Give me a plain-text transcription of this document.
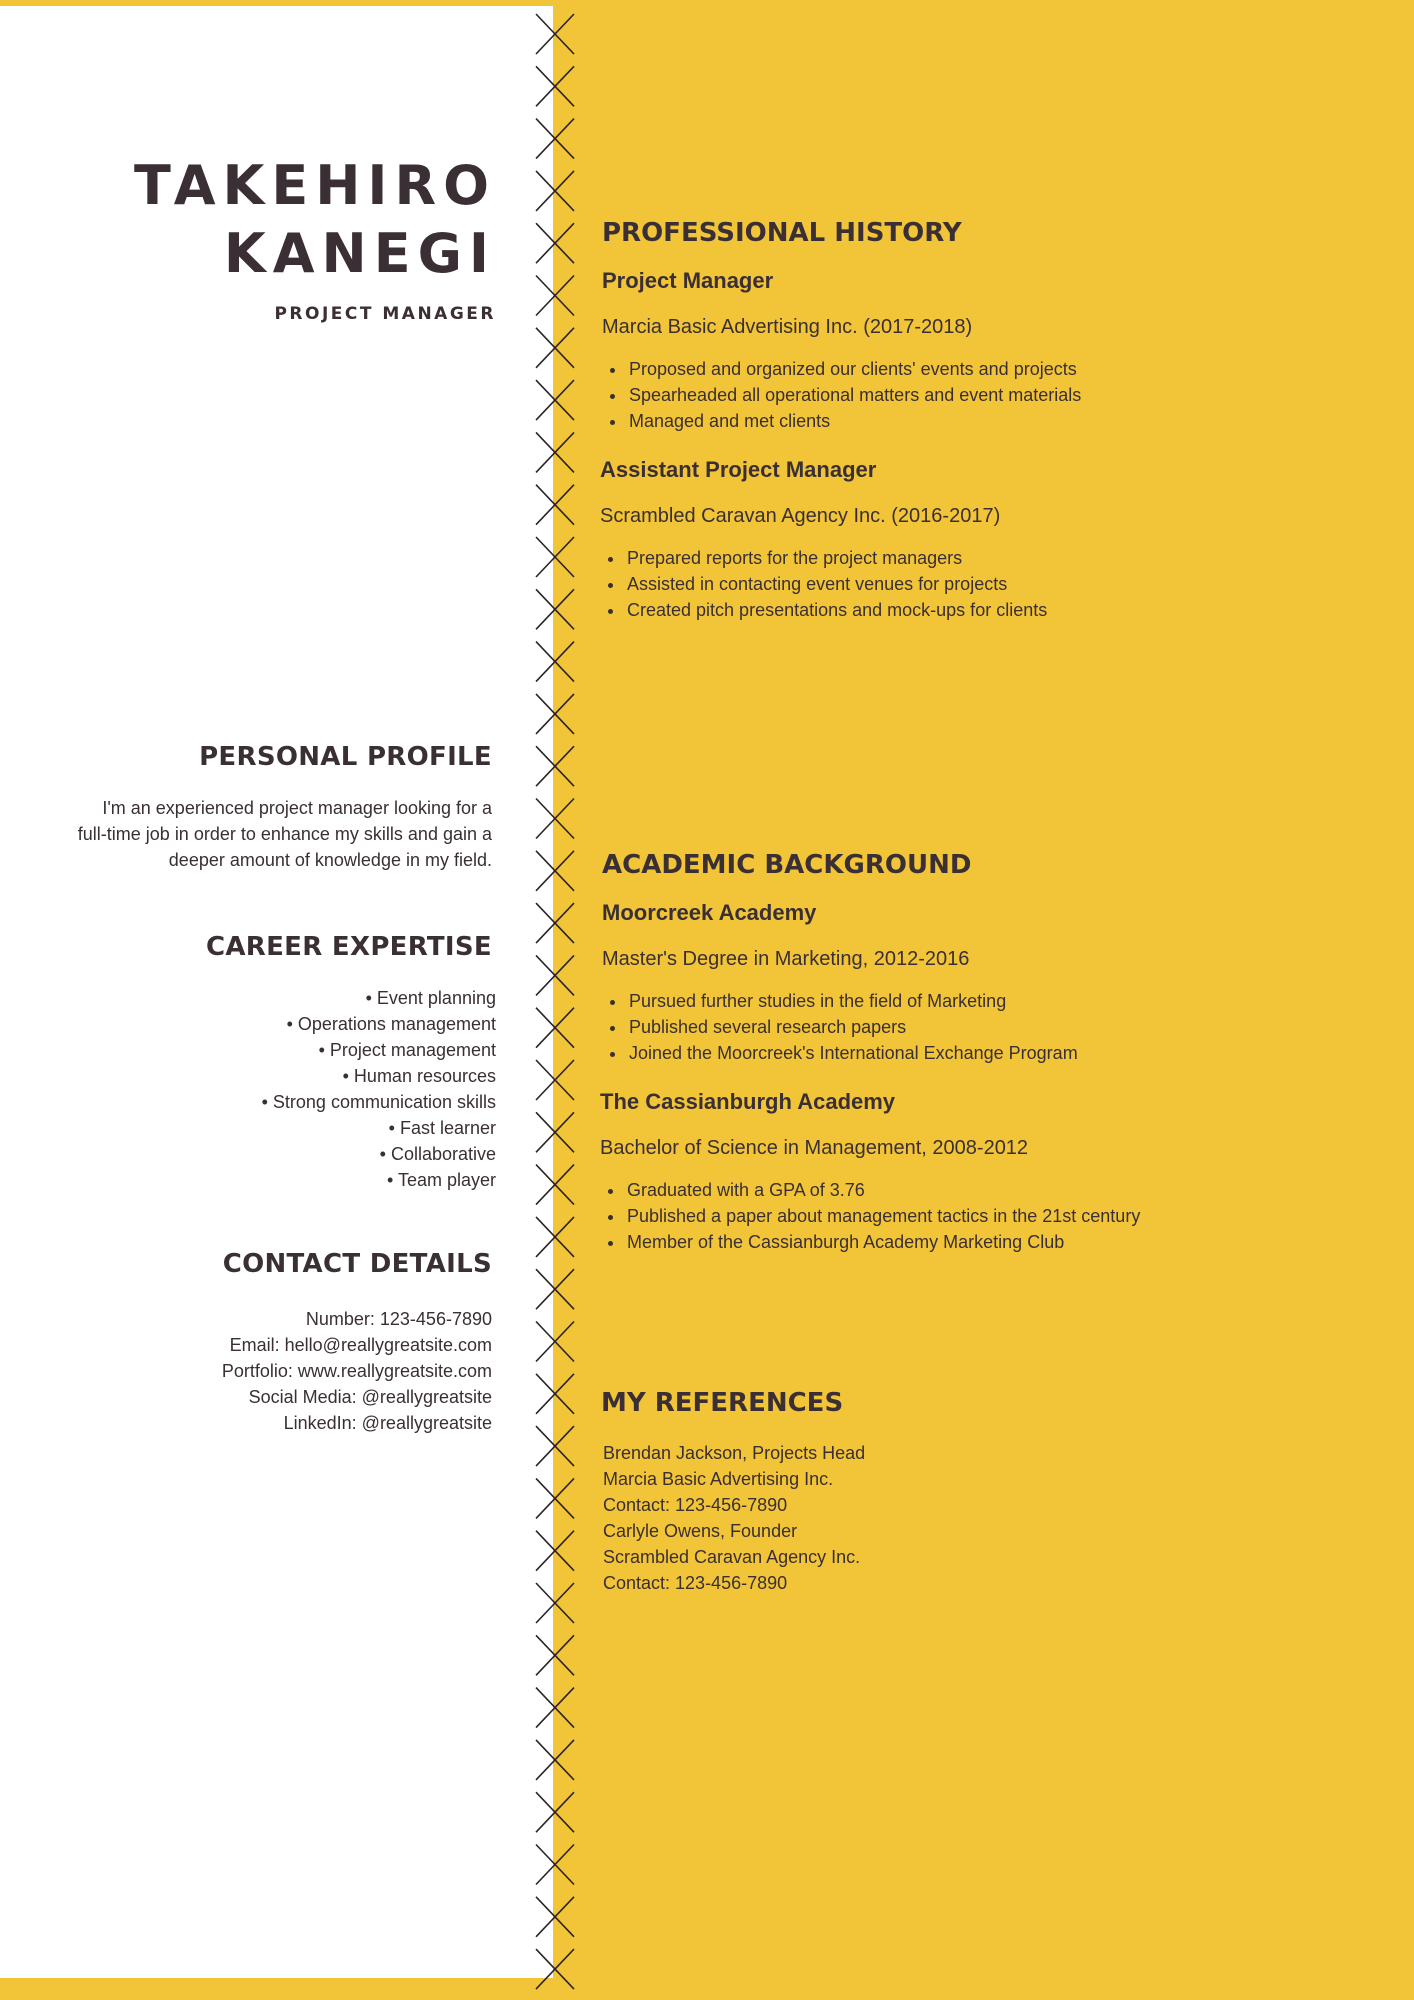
TAKEHIRO
KANEGI
PROJECT MANAGER
PERSONAL PROFILE

I'm an experienced project manager looking for a

full-time job in order to enhance my skills and gain a

deeper amount of knowledge in my field.

CAREER EXPERTISE

• Event planning

• Operations management

• Project management

• Human resources

• Strong communication skills

• Fast learner

• Collaborative

• Team player

CONTACT DETAILS

Number: 123-456-7890

Email: hello@reallygreatsite.com

Portfolio: www.reallygreatsite.com

Social Media: @reallygreatsite

LinkedIn: @reallygreatsite

PROFESSIONAL HISTORY
Project Manager

Marcia Basic Advertising Inc. (2017-2018)

• Proposed and organized our clients' events and projects
• Spearheaded all operational matters and event materials
• Managed and met clients
Assistant Project Manager

Scrambled Caravan Agency Inc. (2016-2017)

• Prepared reports for the project managers
• Assisted in contacting event venues for projects
• Created pitch presentations and mock-ups for clients
ACADEMIC BACKGROUND
Moorcreek Academy

Master's Degree in Marketing, 2012-2016

• Pursued further studies in the field of Marketing
• Published several research papers
• Joined the Moorcreek's International Exchange Program
The Cassianburgh Academy

Bachelor of Science in Management, 2008-2012

• Graduated with a GPA of 3.76
• Published a paper about management tactics in the 21st century
• Member of the Cassianburgh Academy Marketing Club
MY REFERENCES

Brendan Jackson, Projects Head

Marcia Basic Advertising Inc.

Contact: 123-456-7890

Carlyle Owens, Founder

Scrambled Caravan Agency Inc.

Contact: 123-456-7890
